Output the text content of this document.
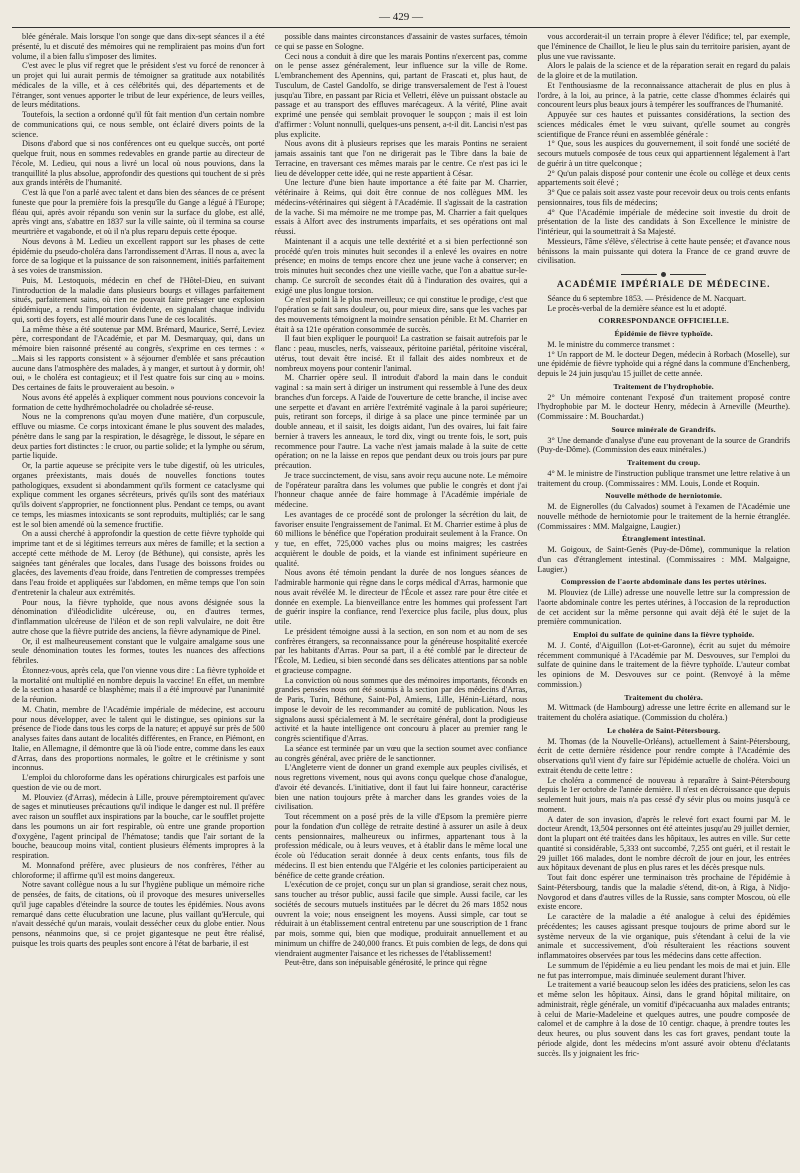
— 429 —

blée générale. Mais lorsque l'on songe que dans dix-sept séances il a été présenté, lu et discuté des mémoires qui ne rempliraient pas moins d'un fort volume, il a bien fallu s'imposer des limites.

C'est avec le plus vif regret que le président s'est vu forcé de renoncer à un projet qui lui aurait permis de témoigner sa gratitude aux notabilités médicales de la ville, et à ces célébrités qui, des départements et de l'étranger, sont venues apporter le tribut de leur expérience, de leurs veilles, de leurs méditations.

Toutefois, la section a ordonné qu'il fût fait mention d'un certain nombre de communications qui, ce nous semble, ont éclairé divers points de la science.

Disons d'abord que si nos conférences ont eu quelque succès, ont porté quelque fruit, nous en sommes redevables en grande partie au directeur de l'école, M. Ledieu, qui nous a livré un local où nous pouvions, dans la tranquillité la plus absolue, approfondir des questions qui touchent de si près aux grands intérêts de l'humanité.

C'est là que l'on a parlé avec talent et dans bien des séances de ce présent funeste que pour la première fois la presqu'île du Gange a légué à l'Europe; fléau qui, après avoir répandu son venin sur la surface du globe, est allé, après vingt ans, s'abattre en 1837 sur la ville sainte, où il termina sa course meurtrière et vagabonde, et où il n'a plus reparu depuis cette époque.

Nous devons à M. Ledieu un excellent rapport sur les phases de cette épidémie du pseudo-choléra dans l'arrondissement d'Arras. Il nous a, avec la force de sa logique et la puissance de son raisonnement, initiés parfaitement à ses voies de transmission.

Puis, M. Lestoquois, médecin en chef de l'Hôtel-Dieu, en suivant l'introduction de la maladie dans plusieurs bourgs et villages parfaitement situés, parfaitement sains, où rien ne pouvait faire présager une explosion épidémique, a rendu l'importation évidente, en signalant chaque individu qui, sorti des foyers, est allé mourir dans l'une de ces localités.

La même thèse a été soutenue par MM. Brémard, Maurice, Serré, Leviez père, correspondant de l'Académie, et par M. Desmarquay, qui, dans un mémoire bien raisonné présenté au congrès, s'exprime en ces termes : « ...Mais si les rapports consistent » à séjourner d'emblée et sans précaution aucune dans l'atmosphère des malades, à y manger, et surtout à y dormir, oh! oui, » le choléra est contagieux; et il l'est quatre fois sur cinq au » moins. Des certaines de faits le prouveraient au besoin. »

Nous avons été appelés à expliquer comment nous pouvions concevoir la formation de cette hydhrémocholadrée ou choladrée sé-reuse.

Nous ne la comprenons qu'au moyen d'une matière, d'un corpuscule, effluve ou miasme. Ce corps intoxicant émane le plus souvent des malades, pénètre dans le sang par la respiration, le désagrège, le dissout, le sépare en deux parties fort distinctes : le cruor, ou partie solide; et la lymphe ou sérum, partie liquide.

Or, la partie aqueuse se précipite vers le tube digestif, où les utricules, organes préexistants, mais doués de nouvelles fonctions toutes pathologiques, exsudent si abondamment qu'ils forment ce cataclysme qui explique comment les organes sécréteurs, privés qu'ils sont des matériaux qu'ils doivent s'approprier, ne fonctionnent plus. Pendant ce temps, ou avant ce temps, les miasmes intoxicants se sont reproduits, multipliés; car le sang est le sol bien amendé où la semence fructifie.

On a aussi cherché à approfondir la question de cette fièvre typhoïde qui imprime tant et de si légitimes terreurs aux mères de famille; et la section a accepté cette méthode de M. Leroy (de Béthune), qui consiste, après les saignées tant générales que locales, dans l'usage des boissons froides ou glacées, des lavements d'eau froide, dans l'entretien de compresses trempées dans l'eau froide et appliquées sur l'abdomen, en même temps que l'on soin d'entretenir la chaleur aux extrémités.

Pour nous, la fièvre typhoïde, que nous avons désignée sous la dénomination d'iléodiclidite ulcéreuse, ou, en d'autres termes, d'inflammation ulcéreuse de l'iléon et de son repli valvulaire, ne doit être autre chose que la fièvre putride des anciens, la fièvre adynamique de Pinel.

Or, il est malheureusement constant que le vulgaire amalgame sous une seule dénomination toutes les formes, toutes les nuances des affections fébriles.

Étonnez-vous, après cela, que l'on vienne vous dire : La fièvre typhoïde et la mortalité ont multiplié en nombre depuis la vaccine! En effet, un membre de la section a hasardé ce blasphème; mais il a été improuvé par l'unanimité de la réunion.

M. Chatin, membre de l'Académie impériale de médecine, est accouru pour nous développer, avec le talent qui le distingue, ses opinions sur la présence de l'iode dans tous les corps de la nature; et appuyé sur près de 500 analyses faites dans autant de localités différentes, en France, en Piémont, en Italie, en Allemagne, il démontre que là où l'iode entre, comme dans les eaux d'Arras, dans des proportions normales, le goître et le crétinisme y sont inconnus.

L'emploi du chloroforme dans les opérations chirurgicales est parfois une question de vie ou de mort.

M. Plouviez (d'Arras), médecin à Lille, prouve péremptoirement qu'avec de sages et minutieuses précautions qu'il indique le danger est nul. Il préfère avec raison un soufflet aux inspirations par la bouche, car le soufflet projette dans les poumons un air fort respirable, où entre une grande proportion d'oxygène, l'agent principal de l'hématose; tandis que l'air sortant de la bouche, beaucoup moins vital, contient plusieurs éléments impropres à la respiration.

M. Monnafond préfère, avec plusieurs de nos confrères, l'éther au chloroforme; il affirme qu'il est moins dangereux.

Notre savant collègue nous a lu sur l'hygiène publique un mémoire riche de pensées, de faits, de citations, où il provoque des mesures universelles qu'il juge capables d'éteindre la source de toutes les épidémies. Nous avons remarqué dans cette élucubration une lacune, plus vaillant qu'Hercule, qui n'avait desséché qu'un marais, voulait dessécher ceux du globe entier. Nous pensons, néanmoins que, si ce projet gigantesque ne peut être réalisé, puisque les trois quarts des peuples sont encore à l'état de barbarie, il est

possible dans maintes circonstances d'assainir de vastes surfaces, témoin ce qui se passe en Sologne.

Ceci nous a conduit à dire que les marais Pontins n'exercent pas, comme on le pense assez généralement, leur influence sur la ville de Rome. L'embranchement des Apennins, qui, partant de Frascati et, plus haut, de Tusculum, de Castel Gandolfo, se dirige transversalement de l'est à l'ouest jusqu'au Tibre, en passant par Ricia et Velletri, élève un puissant obstacle au passage et au transport des effluves marécageux. A la vérité, Pline avait exprimé une pensée qui semblait provoquer le soupçon ; mais il est loin d'affirmer : Volunt nonnulli, quelques-uns pensent, a-t-il dit. Lancisi n'est pas plus explicite.

Nous avons dit à plusieurs reprises que les marais Pontins ne seraient jamais assainis tant que l'on ne dirigerait pas le Tibre dans la baie de Terracine, en traversant ces mêmes marais par le centre. Ce n'est pas ici le lieu de développer cette idée, qui ne reste appartient à César.

Une lecture d'une bien haute importance a été faite par M. Charrier, vétérinaire à Reims, qui doit être connue de nos collègues MM. les médecins-vétérinaires qui siègent à l'Académie. Il s'agissait de la castration de la vache. Si ma mémoire ne me trompe pas, M. Charrier a fait quelques essais à Alfort avec des instruments imparfaits, et ses opérations ont mal réussi.

Maintenant il a acquis une telle dextérité et a si bien perfectionné son procédé qu'en trois minutes huit secondes il a enlevé les ovaires en notre présence; en moins de temps encore chez une jeune vache à conserver; en trois minutes huit secondes chez une vieille vache, que l'on a abattue sur-le-champ. Ce surcroît de secondes était dû à l'induration des ovaires, qui a exigé une plus longue torsion.

Ce n'est point là le plus merveilleux; ce qui constitue le prodige, c'est que l'opération se fait sans douleur, ou, pour mieux dire, sans que les vaches par des mouvements témoignent la moindre sensation pénible. Et M. Charrier en était à sa 121e opération consommée de succès.

Il faut bien expliquer le pourquoi! La castration se faisait autrefois par le flanc : peau, muscles, nerfs, vaisseaux, péritoine pariétal, péritoine viscéral, utérus, tout devait être incisé. Et il fallait des aides nombreux et de nombreux moyens pour contenir l'animal.

M. Charrier opère seul. Il introduit d'abord la main dans le conduit vaginal : sa main sert à diriger un instrument qui ressemble à l'une des deux branches d'un forceps. A l'aide de l'ouverture de cette branche, il incise avec une serpette et d'avant en arrière l'extrémité vaginale à la paroi supérieure; puis, retirant son forceps, il dirige à sa place une pince terminée par un double anneau, et il saisit, les doigts aidant, l'un des ovaires, lui fait faire bernier à travers les anneaux, le tord dix, vingt ou trente fois, le sort, puis recommence pour l'autre. La vache n'est jamais malade à la suite de cette opération; on ne la laisse en repos que pendant deux ou trois jours par pure précaution.

Je trace succinctement, de visu, sans avoir reçu aucune note. Le mémoire de l'opérateur paraîtra dans les volumes que publie le congrès et dont j'ai l'honneur chaque année de faire hommage à l'Académie impériale de médecine.

Les avantages de ce procédé sont de prolonger la sécrétion du lait, de favoriser ensuite l'engraissement de l'animal. Et M. Charrier estime à plus de 60 millions le bénéfice que l'opération produirait seulement à la France. On y tue, en effet, 725,000 vaches plus ou moins maigres; les castrées acquièrent le double de poids, et la viande est infiniment supérieure en qualité.

Nous avons été témoin pendant la durée de nos longues séances de l'admirable harmonie qui règne dans le corps médical d'Arras, harmonie que nous avait révélée M. le directeur de l'École et assez rare pour être citée et donnée en exemple. La bienveillance entre les hommes qui professent l'art de guérir inspire la confiance, rend l'exercice plus facile, plus doux, plus utile.

Le président témoigne aussi à la section, en son nom et au nom de ses confrères étrangers, sa reconnaissance pour la généreuse hospitalité exercée par les habitants d'Arras. Pour sa part, il a été comblé par le directeur de l'École, M. Ledieu, si bien secondé dans ses délicates attentions par sa noble et gracieuse compagne.

La conviction où nous sommes que des mémoires importants, féconds en grandes pensées nous ont été soumis à la section par des médecins d'Arras, de Paris, Turin, Béthune, Saint-Pol, Amiens, Lille, Hénin-Liétard, nous impose le devoir de les recommander au comité de publication. Nous les signalons aussi spécialement à M. le secrétaire général, dont la prodigieuse activité et la haute intelligence ont concouru à placer au premier rang le congrès scientifique d'Arras.

La séance est terminée par un vœu que la section soumet avec confiance au congrès général, avec prière de le sanctionner.

L'Angleterre vient de donner un grand exemple aux peuples civilisés, et nous regrettons vivement, nous qui avons conçu quelque chose d'analogue, d'avoir été devancés. L'initiative, dont il faut lui faire honneur, caractérise bien une nation toujours prête à marcher dans les grandes voies de la civilisation.

Tout récemment on a posé près de la ville d'Epsom la première pierre pour la fondation d'un collège de retraite destiné à assurer un asile à deux cents pensionnaires, malheureux ou infirmes, appartenant tous à la profession médicale, ou à leurs veuves, et à établir dans le même local une école où l'éducation serait donnée à deux cents enfants, tous fils de médecins. Il est bien entendu que l'Algérie et les colonies participeraient au bénéfice de cette grande création.

L'exécution de ce projet, conçu sur un plan si grandiose, serait chez nous, sans toucher au trésor public, aussi facile que simple. Aussi facile, car les sociétés de secours mutuels instituées par le décret du 26 mars 1852 nous ouvrent la voie; nous enseignent les moyens. Aussi simple, car tout se réduirait à un établissement central entretenu par une souscription de 1 franc par mois, somme qui, bien que modique, produirait annuellement et au minimum un chiffre de 240,000 francs. Et puis combien de legs, de dons qui viendraient augmenter l'aisance et les richesses de l'établissement!

Peut-être, dans son inépuisable générosité, le prince qui règne

vous accorderait-il un terrain propre à élever l'édifice; tel, par exemple, que l'éminence de Chaillot, le lieu le plus sain du territoire parisien, ayant de plus une vue ravissante.

Alors le palais de la science et de la réparation serait en regard du palais de la gloire et de la mutilation.

Et l'enthousiasme de la reconnaissance attacherait de plus en plus à l'ordre, à la loi, au prince, à la patrie, cette classe d'hommes éclairés qui concourent leurs plus beaux jours à tempérer les souffrances de l'humanité.

Appuyée sur ces hautes et puissantes considérations, la section des sciences médicales émet le vœu suivant, qu'elle soumet au congrès scientifique de France réuni en assemblée générale :

1° Que, sous les auspices du gouvernement, il soit fondé une société de secours mutuels composée de tous ceux qui appartiennent légalement à l'art de guérir à un titre quelconque ;

2° Qu'un palais disposé pour contenir une école ou collège et deux cents appartements soit élevé ;

3° Que ce palais soit assez vaste pour recevoir deux ou trois cents enfants pensionnaires, tous fils de médecins;

4° Que l'Académie impériale de médecine soit investie du droit de présentation de la liste des candidats à Son Excellence le ministre de l'intérieur, qui la soumettrait à Sa Majesté.

Messieurs, l'âme s'élève, s'électrise à cette haute pensée; et d'avance nous bénissons la main puissante qui dotera la France de ce grand œuvre de civilisation.

ACADÉMIE IMPÉRIALE DE MÉDECINE.

Séance du 6 septembre 1853. — Présidence de M. Nacquart.

Le procès-verbal de la dernière séance est lu et adopté.

CORRESPONDANCE OFFICIELLE.

Épidémie de fièvre typhoïde.

M. le ministre du commerce transmet :

1° Un rapport de M. le docteur Degen, médecin à Rorbach (Moselle), sur une épidémie de fièvre typhoïde qui a régné dans la commune d'Enchenberg, depuis le 24 juin jusqu'au 15 juillet de cette année.

Traitement de l'hydrophobie.

2° Un mémoire contenant l'exposé d'un traitement proposé contre l'hydrophobie par M. le docteur Henry, médecin à Arneville (Meurthe). (Commissaire : M. Bouchardat.)

Source minérale de Grandrifs.

3° Une demande d'analyse d'une eau provenant de la source de Grandrifs (Puy-de-Dôme). (Commission des eaux minérales.)

Traitement du croup.

4° M. le ministre de l'instruction publique transmet une lettre relative à un traitement du croup. (Commissaires : MM. Louis, Londe et Roquin.

Nouvelle méthode de herniotomie.

M. de Eignerolles (du Calvados) soumet à l'examen de l'Académie une nouvelle méthode de herniotomie pour le traitement de la hernie étranglée. (Commissaires : MM. Malgaigne, Laugier.)

Étranglement intestinal.

M. Goigoux, de Saint-Genès (Puy-de-Dôme), communique la relation d'un cas d'étranglement intestinal. (Commissaires : MM. Malgaigne, Laugier.)

Compression de l'aorte abdominale dans les pertes utérines.

M. Plouviez (de Lille) adresse une nouvelle lettre sur la compression de l'aorte abdominale contre les pertes utérines, à l'occasion de la reproduction de cet accident sur la même personne qui avait déjà été le sujet de la première communication.

Emploi du sulfate de quinine dans la fièvre typhoïde.

M. J. Conté, d'Aiguillon (Lot-et-Garonne), écrit au sujet du mémoire récemment communiqué à l'Académie par M. Desvouves, sur l'emploi du sulfate de quinine dans le traitement de la fièvre typhoïde. L'auteur combat les opinions de M. Desvouves sur ce point. (Renvoyé à la même commission.)

Traitement du choléra.

M. Wittmack (de Hambourg) adresse une lettre écrite en allemand sur le traitement du choléra asiatique. (Commission du choléra.)

Le choléra de Saint-Pétersbourg.

M. Thomas (de la Nouvelle-Orléans), actuellement à Saint-Pétersbourg, écrit de cette dernière résidence pour rendre compte à l'Académie des observations qu'il vient d'y faire sur l'épidémie actuelle de choléra. Voici un extrait étendu de cette lettre :

Le choléra a commencé de nouveau à reparaître à Saint-Pétersbourg depuis le 1er octobre de l'année dernière. Il n'est en décroissance que depuis seulement huit jours, mais n'a pas cessé d'y sévir plus ou moins jusqu'à ce moment.

A dater de son invasion, d'après le relevé fort exact fourni par M. le docteur Arendt, 13,504 personnes ont été atteintes jusqu'au 29 juillet dernier, dont la plupart ont été traitées dans les hôpitaux, les autres en ville. Sur cette quantité si considérable, 5,333 ont succombé, 7,255 ont guéri, et il restait le 29 juillet 166 malades, dont le nombre décroît de jour en jour, les entrées aux hôpitaux devenant de plus en plus rares et les décès presque nuls.

Tout fait donc espérer une terminaison très prochaine de l'épidémie à Saint-Pétersbourg, tandis que la maladie s'étend, dit-on, à Riga, à Nidjo-Novgorod et dans d'autres villes de la Russie, sans compter Moscou, où elle existe encore.

Le caractère de la maladie a été analogue à celui des épidémies précédentes; les causes agissant presque toujours de prime abord sur le système nerveux de la vie organique, puis s'étendant à celui de la vie animale et successivement, d'où résulteraient les réactions souvent inflammatoires observées par tous les médecins dans cette affection.

Le summum de l'épidémie a eu lieu pendant les mois de mai et juin. Elle ne fut pas interrompue, mais diminuée seulement durant l'hiver.

Le traitement a varié beaucoup selon les idées des praticiens, selon les cas et même selon les hôpitaux. Ainsi, dans le grand hôpital militaire, on administrait, règle générale, un vomitif d'ipécacuanha aux malades entrants; à celui de Marie-Madeleine et quelques autres, une poudre composée de calomel et de camphre à la dose de 10 centigr. chaque, à prendre toutes les deux heures, ou plus souvent dans les cas fort graves, pendant toute la période algide, dont les médecins m'ont assuré avoir obtenu d'éclatants succès. Ils y joignaient les fric-
